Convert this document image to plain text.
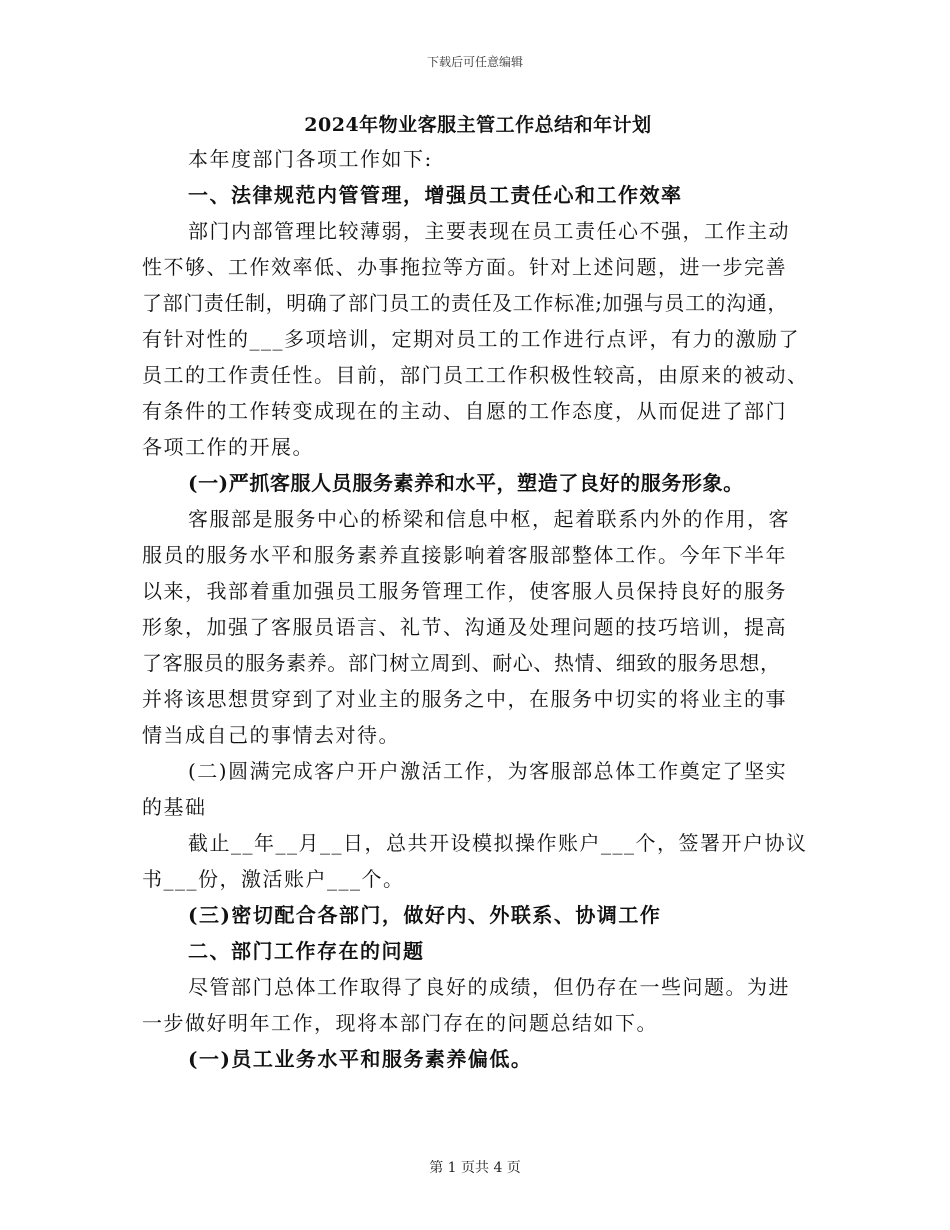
下载后可任意编辑
2024年物业客服主管工作总结和年计划
本年度部门各项工作如下:
一、法律规范内管管理，增强员工责任心和工作效率
部门内部管理比较薄弱，主要表现在员工责任心不强，工作主动
性不够、工作效率低、办事拖拉等方面。针对上述问题，进一步完善
了部门责任制，明确了部门员工的责任及工作标准;加强与员工的沟通，
有针对性的___多项培训，定期对员工的工作进行点评，有力的激励了
员工的工作责任性。目前，部门员工工作积极性较高，由原来的被动、
有条件的工作转变成现在的主动、自愿的工作态度，从而促进了部门
各项工作的开展。
(一)严抓客服人员服务素养和水平，塑造了良好的服务形象。
客服部是服务中心的桥梁和信息中枢，起着联系内外的作用，客
服员的服务水平和服务素养直接影响着客服部整体工作。今年下半年
以来，我部着重加强员工服务管理工作，使客服人员保持良好的服务
形象，加强了客服员语言、礼节、沟通及处理问题的技巧培训，提高
了客服员的服务素养。部门树立周到、耐心、热情、细致的服务思想，
并将该思想贯穿到了对业主的服务之中，在服务中切实的将业主的事
情当成自己的事情去对待。
(二)圆满完成客户开户激活工作，为客服部总体工作奠定了坚实
的基础
截止__年__月__日，总共开设模拟操作账户___个，签署开户协议
书___份，激活账户___个。
(三)密切配合各部门，做好内、外联系、协调工作
二、部门工作存在的问题
尽管部门总体工作取得了良好的成绩，但仍存在一些问题。为进
一步做好明年工作，现将本部门存在的问题总结如下。
(一)员工业务水平和服务素养偏低。
第 1 页共 4 页
